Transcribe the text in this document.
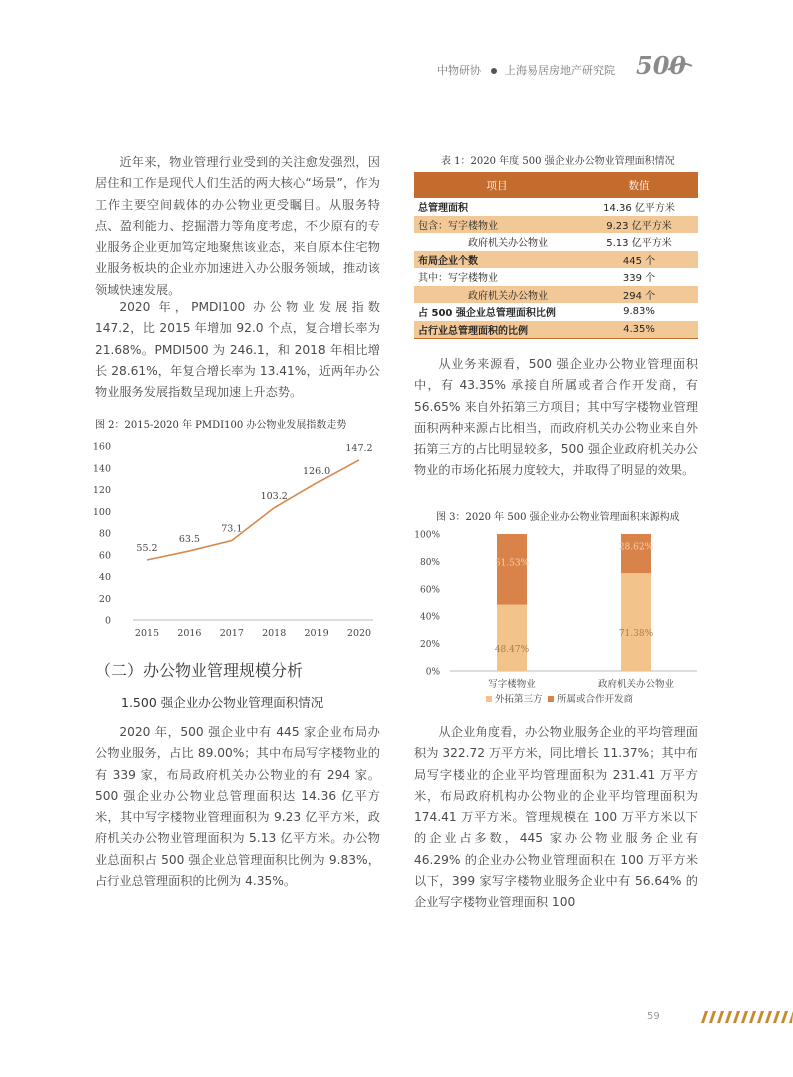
中物研协 上海易居房地产研究院 500

近年来，物业管理行业受到的关注愈发强烈，因居住和工作是现代人们生活的两大核心“场景”，作为工作主要空间载体的办公物业更受瞩目。从服务特点、盈利能力、挖掘潜力等角度考虑，不少原有的专业服务企业更加笃定地聚焦该业态，来自原本住宅物业服务板块的企业亦加速进入办公服务领域，推动该领域快速发展。

2020 年，PMDI100 办公物业发展指数 147.2，比 2015 年增加 92.0 个点，复合增长率为 21.68%。PMDI500 为 246.1，和 2018 年相比增长 28.61%，年复合增长率为 13.41%，近两年办公物业服务发展指数呈现加速上升态势。

图 2：2015-2020 年 PMDI100 办公物业发展指数走势
0
20
40
60
80
100
120
140
160
2015 2016 2017 2018 2019 2020
55.2
63.5
73.1
103.2
126.0
147.2
（二）办公物业管理规模分析
1.500 强企业办公物业管理面积情况

2020 年，500 强企业中有 445 家企业布局办公物业服务，占比 89.00%；其中布局写字楼物业的有 339 家，布局政府机关办公物业的有 294 家。500 强企业办公物业总管理面积达 14.36 亿平方米，其中写字楼物业管理面积为 9.23 亿平方米，政府机关办公物业管理面积为 5.13 亿平方米。办公物业总面积占 500 强企业总管理面积比例为 9.83%，占行业总管理面积的比例为 4.35%。

表 1：2020 年度 500 强企业办公物业管理面积情况
项目	数值
总管理面积	14.36 亿平方米
包含：写字楼物业	9.23 亿平方米
政府机关办公物业	5.13 亿平方米
布局企业个数	445 个
其中：写字楼物业	339 个
政府机关办公物业	294 个
占 500 强企业总管理面积比例	9.83%
占行业总管理面积的比例	4.35%

从业务来源看，500 强企业办公物业管理面积中，有 43.35% 承接自所属或者合作开发商，有 56.65% 来自外拓第三方项目；其中写字楼物业管理面积两种来源占比相当，而政府机关办公物业来自外拓第三方的占比明显较多，500 强企业政府机关办公物业的市场化拓展力度较大，并取得了明显的效果。

图 3：2020 年 500 强企业办公物业管理面积来源构成
0%
20%
40%
60%
80%
100%
48.47%
51.53%
写字楼物业
71.38%
28.62%
政府机关办公物业
外拓第三方 所属或合作开发商

从企业角度看，办公物业服务企业的平均管理面积为 322.72 万平方米，同比增长 11.37%；其中布局写字楼业的企业平均管理面积为 231.41 万平方米，布局政府机构办公物业的企业平均管理面积为 174.41 万平方米。管理规模在 100 万平方米以下的企业占多数，445 家办公物业服务企业有 46.29% 的企业办公物业管理面积在 100 万平方米以下，399 家写字楼物业服务企业中有 56.64% 的企业写字楼物业管理面积 100

59
